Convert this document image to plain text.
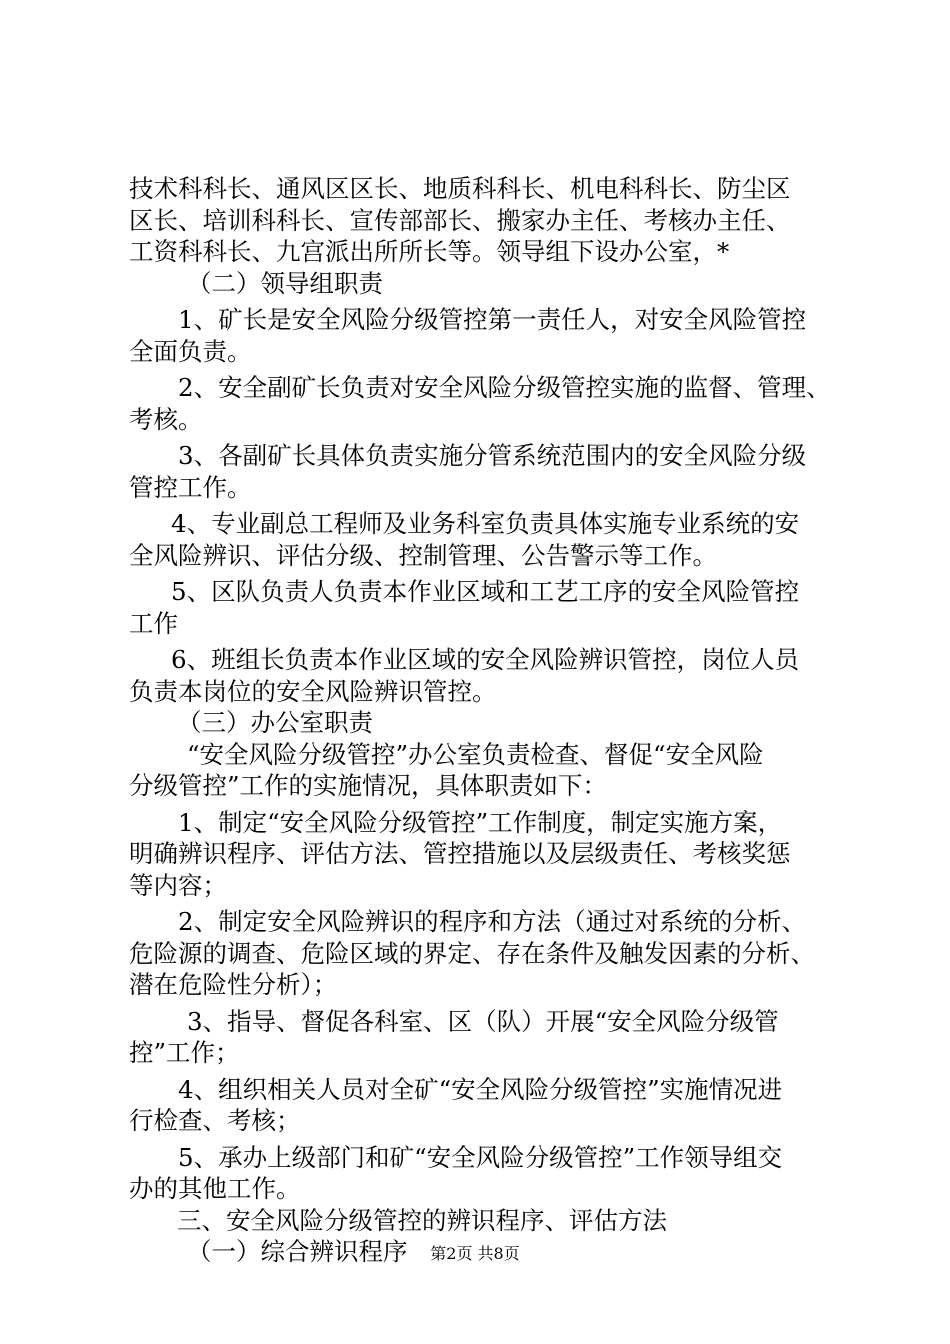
技术科科长、通风区区长、地质科科长、机电科科长、防尘区
区长、培训科科长、宣传部部长、搬家办主任、考核办主任、
工资科科长、九宫派出所所长等。领导组下设办公室，*
（二）领导组职责
1、矿长是安全风险分级管控第一责任人，对安全风险管控
全面负责。
2、安全副矿长负责对安全风险分级管控实施的监督、管理、
考核。
3、各副矿长具体负责实施分管系统范围内的安全风险分级
管控工作。
4、专业副总工程师及业务科室负责具体实施专业系统的安
全风险辨识、评估分级、控制管理、公告警示等工作。
5、区队负责人负责本作业区域和工艺工序的安全风险管控
工作
6、班组长负责本作业区域的安全风险辨识管控，岗位人员
负责本岗位的安全风险辨识管控。
（三）办公室职责
“安全风险分级管控”办公室负责检查、督促“安全风险
分级管控”工作的实施情况，具体职责如下：
1、制定“安全风险分级管控”工作制度，制定实施方案，
明确辨识程序、评估方法、管控措施以及层级责任、考核奖惩
等内容；
2、制定安全风险辨识的程序和方法（通过对系统的分析、
危险源的调查、危险区域的界定、存在条件及触发因素的分析、
潜在危险性分析）；
3、指导、督促各科室、区（队）开展“安全风险分级管
控”工作；
4、组织相关人员对全矿“安全风险分级管控”实施情况进
行检查、考核；
5、承办上级部门和矿“安全风险分级管控”工作领导组交
办的其他工作。
三、安全风险分级管控的辨识程序、评估方法
（一）综合辨识程序	第2页 共8页
